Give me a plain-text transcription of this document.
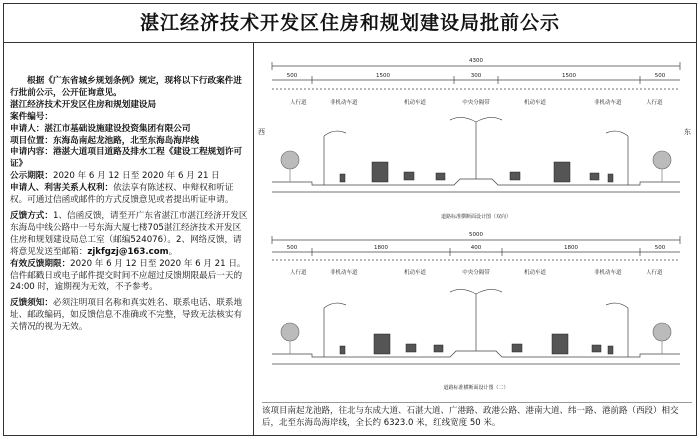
湛江经济技术开发区住房和规划建设局批前公示

根据《广东省城乡规划条例》规定，现将以下行政案件进行批前公示，公开征询意见。

湛江经济技术开发区住房和规划建设局

案件编号：

申请人：湛江市基础设施建设投资集团有限公司

项目位置：东海岛南起龙池路，北至东海岛海岸线

申请内容：港湛大道项目道路及排水工程《建设工程规划许可证》

公示期限：2020 年 6 月 12 日至 2020 年 6 月 21 日

申请人、利害关系人权利：依法享有陈述权、申辩权和听证权。可通过信函或邮件的方式反馈意见或者提出听证申请。

反馈方式：1、信函反馈，请至开广东省湛江市湛江经济开发区东海岛中线公路中一号东海大厦七楼705湛江经济技术开发区住房和规划建设局总工室（邮编524076）。2、网络反馈，请将意见发送至邮箱：zjkfgzj@163.com。

有效反馈期限：2020 年 6 月 12 日至 2020 年 6 月 21 日。信件邮戳日或电子邮件提交时间不应超过反馈期限最后一天的 24:00 时，逾期视为无效，不予参考。

反馈须知：必须注明项目名称和真实姓名、联系电话、联系地址、邮政编码，如反馈信息不准确或不完整，导致无法核实有关情况的视为无效。

4300
500	1500	300	1500	500
人行道	非机动车道	机动车道	中央分隔带	机动车道	非机动车道	人行道
西	东
道路标准横断面设计图（双向）
5000
500	1800	400	1800	500
人行道	非机动车道	机动车道	中央分隔带	机动车道	非机动车道	人行道
道路标准横断面设计图（二）
该项目南起龙池路，往北与东成大道、石湛大道、广港路、政港公路、港南大道、纬一路、港前路（西段）相交后，北至东海岛海岸线，全长约 6323.0 米，红线宽度 50 米。
